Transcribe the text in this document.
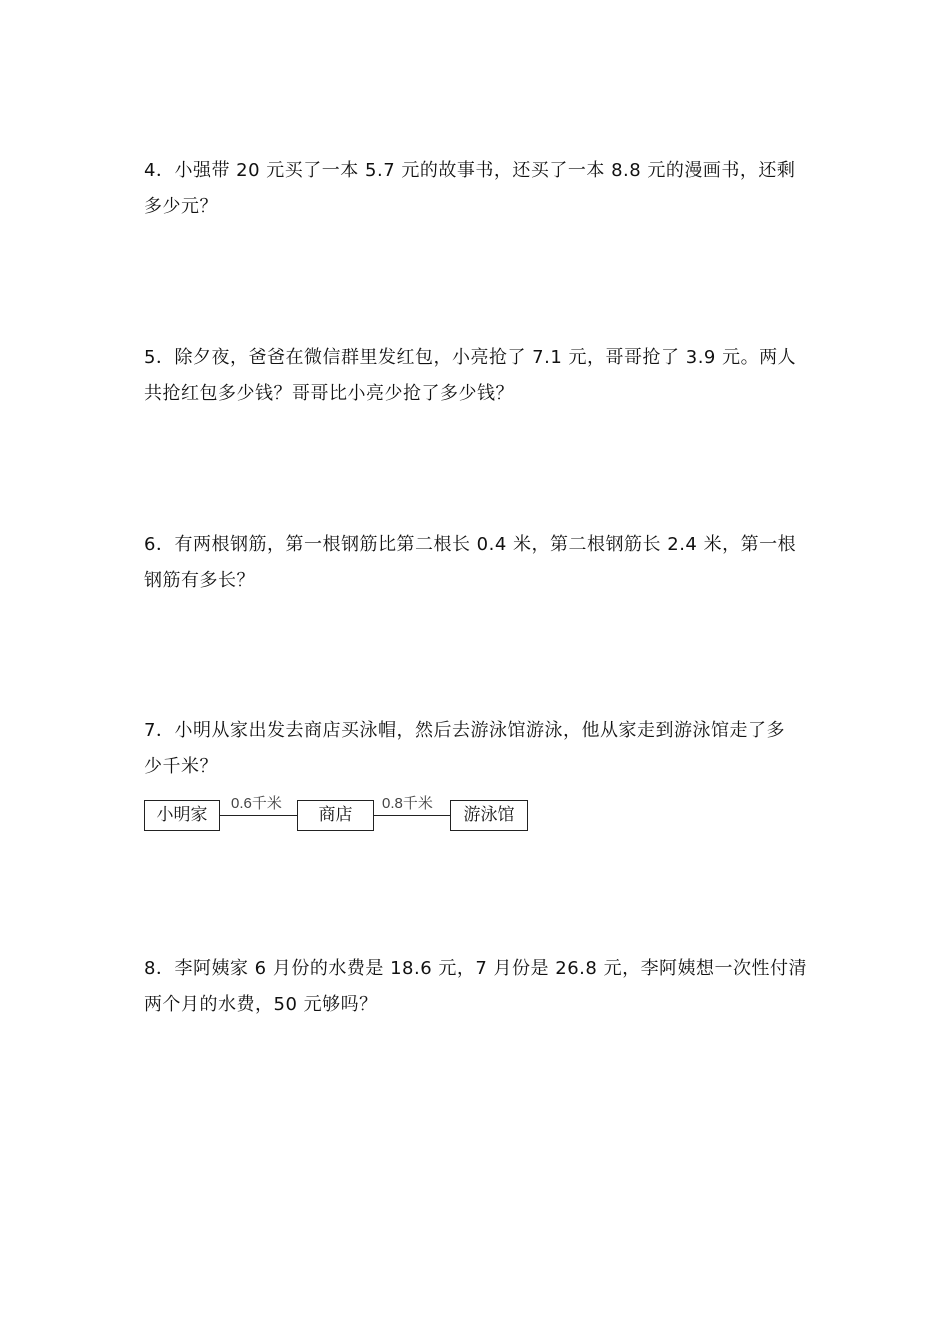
4．小强带 20 元买了一本 5.7 元的故事书，还买了一本 8.8 元的漫画书，还剩
多少元？
5．除夕夜，爸爸在微信群里发红包，小亮抢了 7.1 元，哥哥抢了 3.9 元。两人
共抢红包多少钱？哥哥比小亮少抢了多少钱？
6．有两根钢筋，第一根钢筋比第二根长 0.4 米，第二根钢筋长 2.4 米，第一根
钢筋有多长？
7．小明从家出发去商店买泳帽，然后去游泳馆游泳，他从家走到游泳馆走了多
少千米？
小明家
0.6千米
商店
0.8千米
游泳馆
8．李阿姨家 6 月份的水费是 18.6 元，7 月份是 26.8 元，李阿姨想一次性付清
两个月的水费，50 元够吗？
